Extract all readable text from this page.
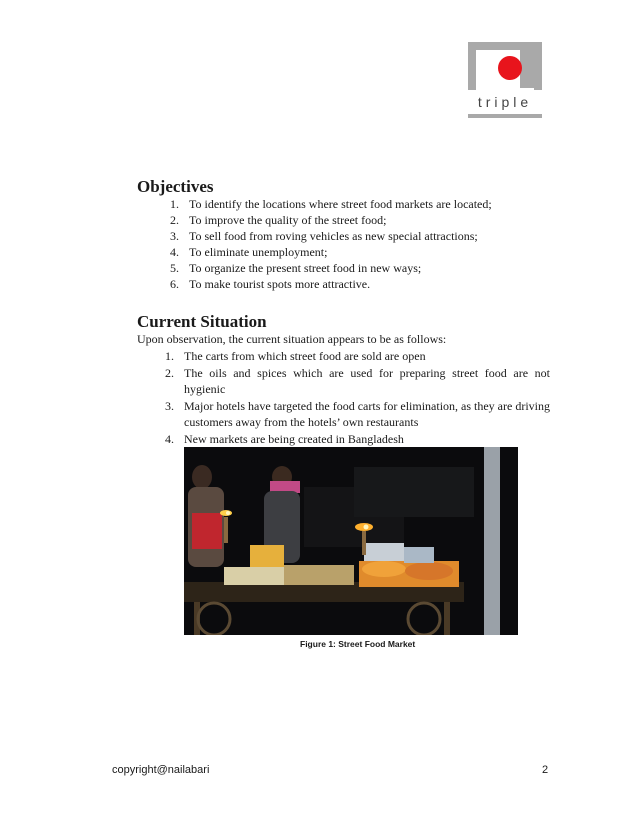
triple
Objectives
1. To identify the locations where street food markets are located;
2. To improve the quality of the street food;
3. To sell food from roving vehicles as new special attractions;
4. To eliminate unemployment;
5. To organize the present street food in new ways;
6. To make tourist spots more attractive.
Current Situation
Upon observation, the current situation appears to be as follows:
1. The carts from which street food are sold are open
2. The oils and spices which are used for preparing street food are not hygienic
3. Major hotels have targeted the food carts for elimination, as they are driving customers away from the hotels’ own restaurants
4. New markets are being created in Bangladesh
Figure 1: Street Food Market
copyright@nailabari	2
